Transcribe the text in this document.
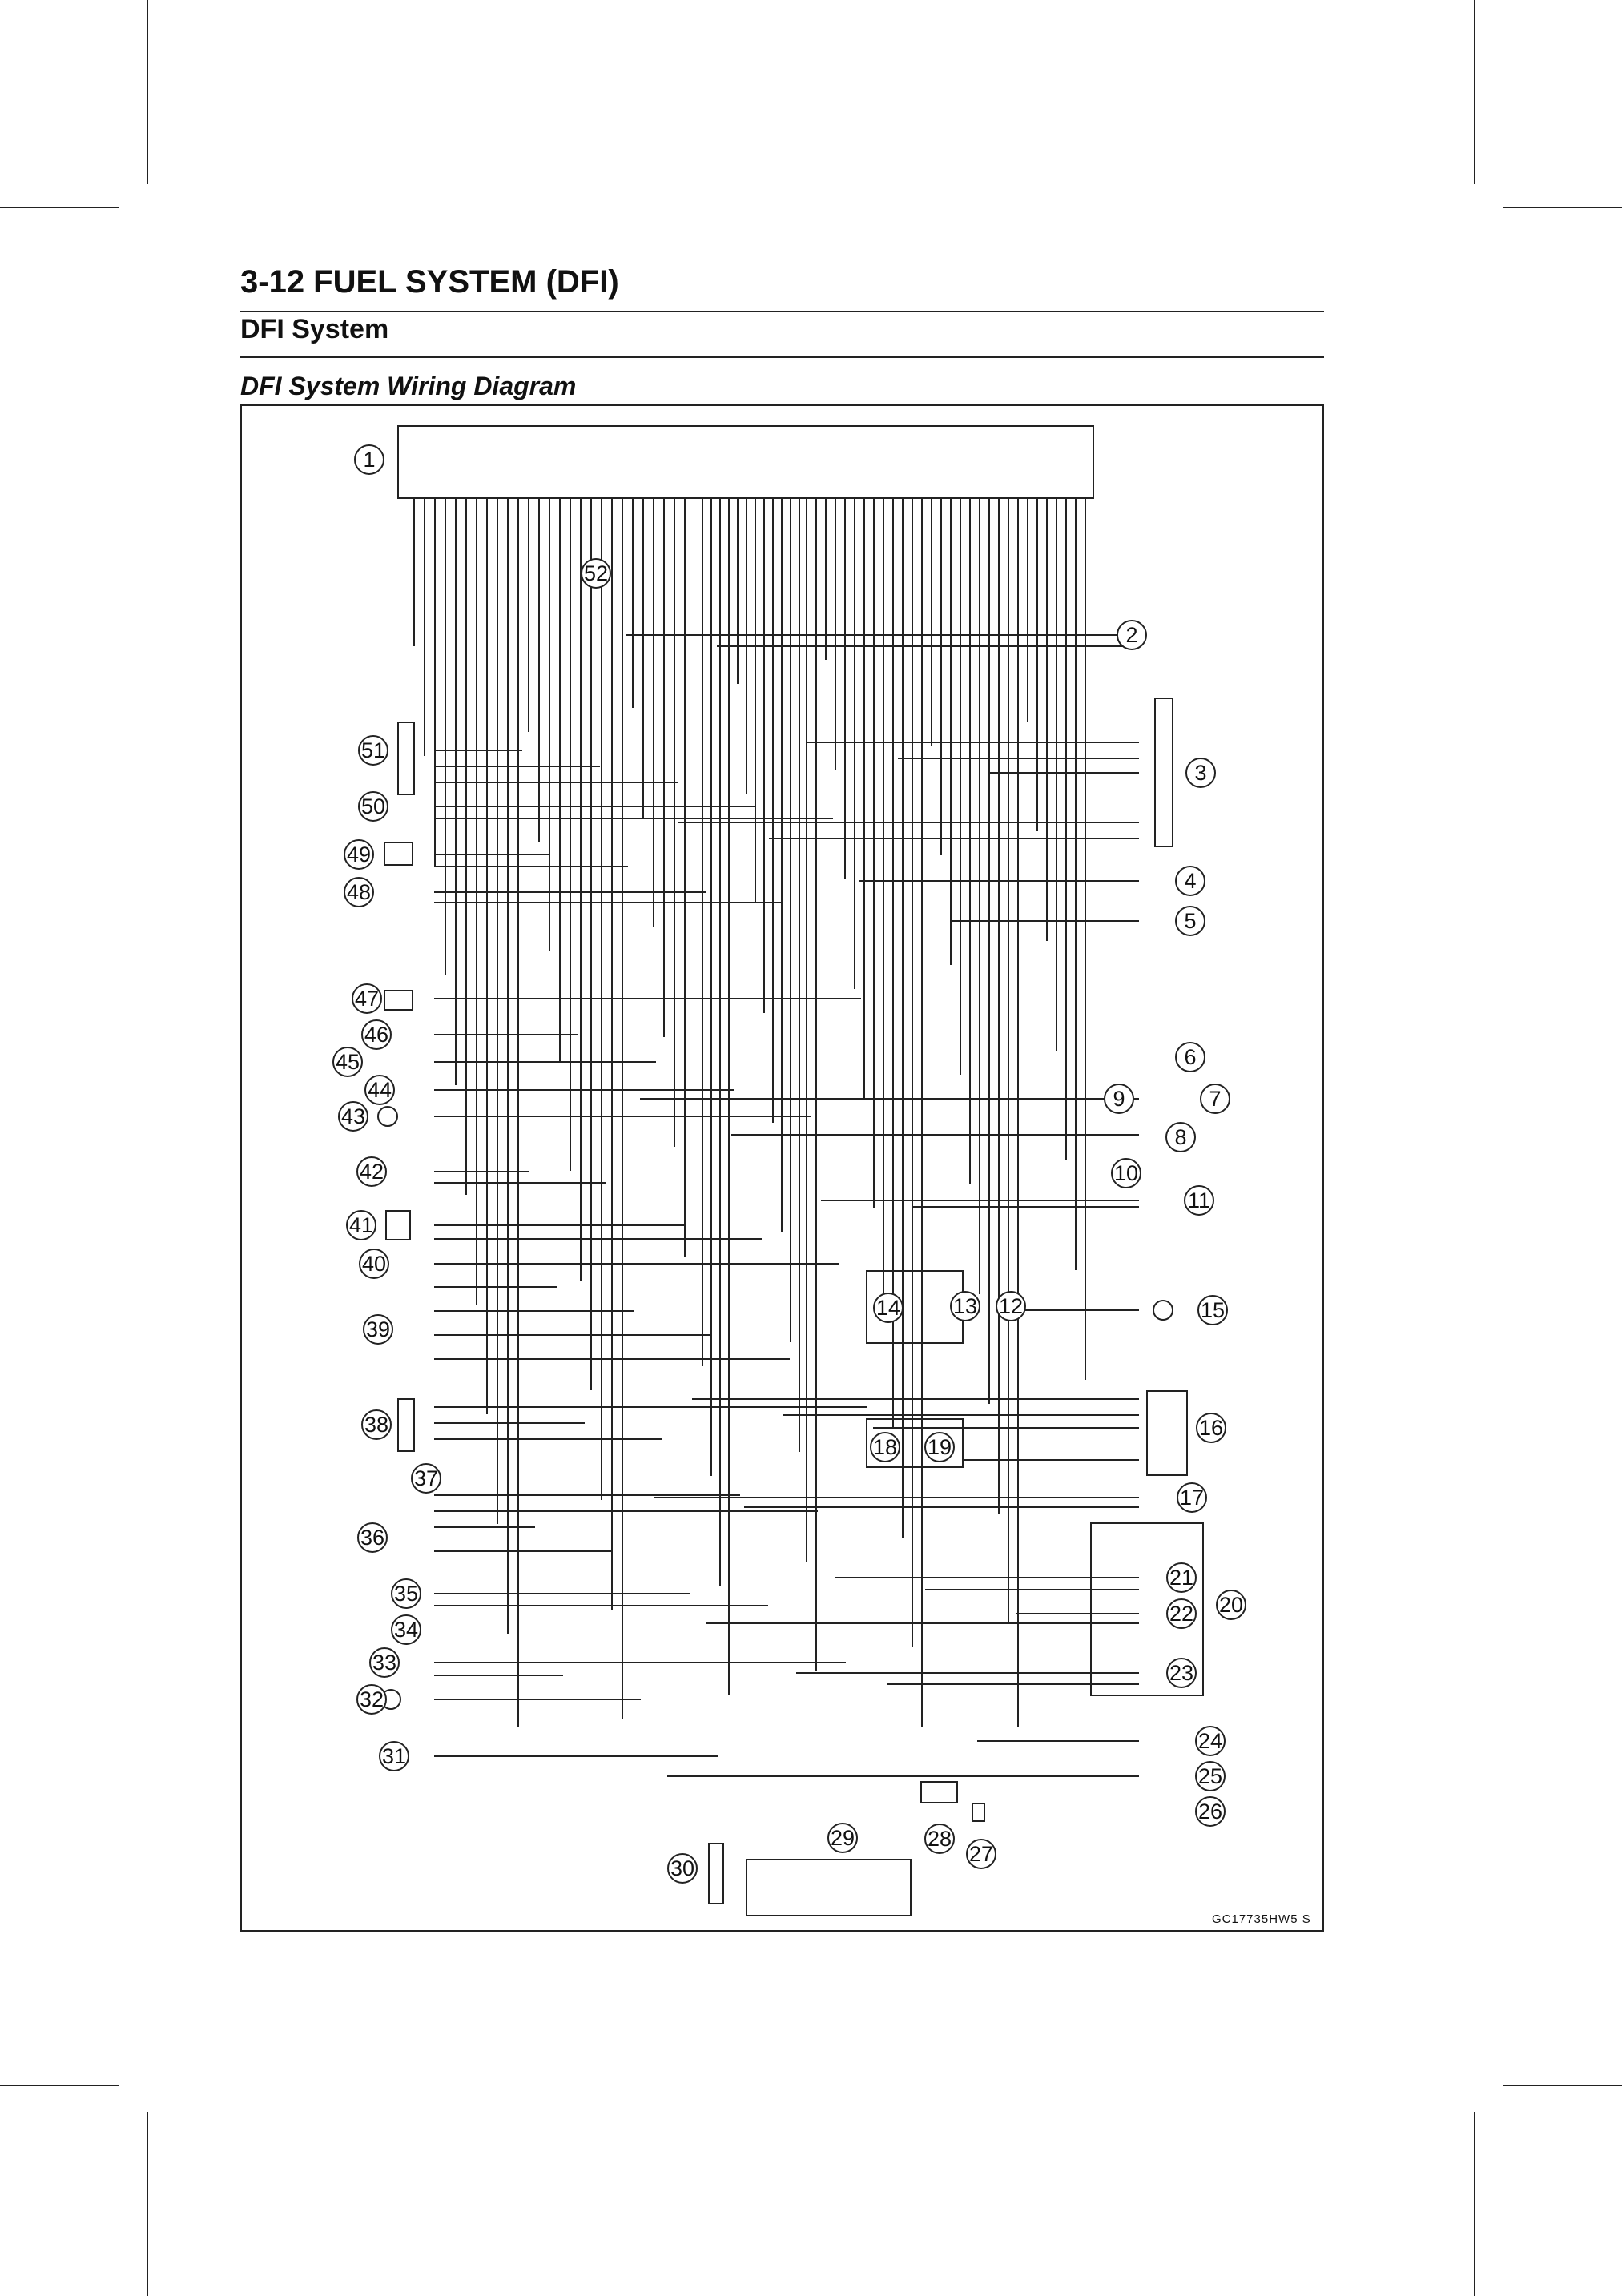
3-12 FUEL SYSTEM (DFI)
DFI System
DFI System Wiring Diagram
1
2
3
4
5
6
7
8
9
10
11
12
13
14	15
16
17
18 19
20
21
22
23
24
25
26
27
28
29
30
31
32
33
34
35
36
37
38
39
40
41
42
43
44
45
46
47
48
49
50
51
52
GC17735HW5 S
